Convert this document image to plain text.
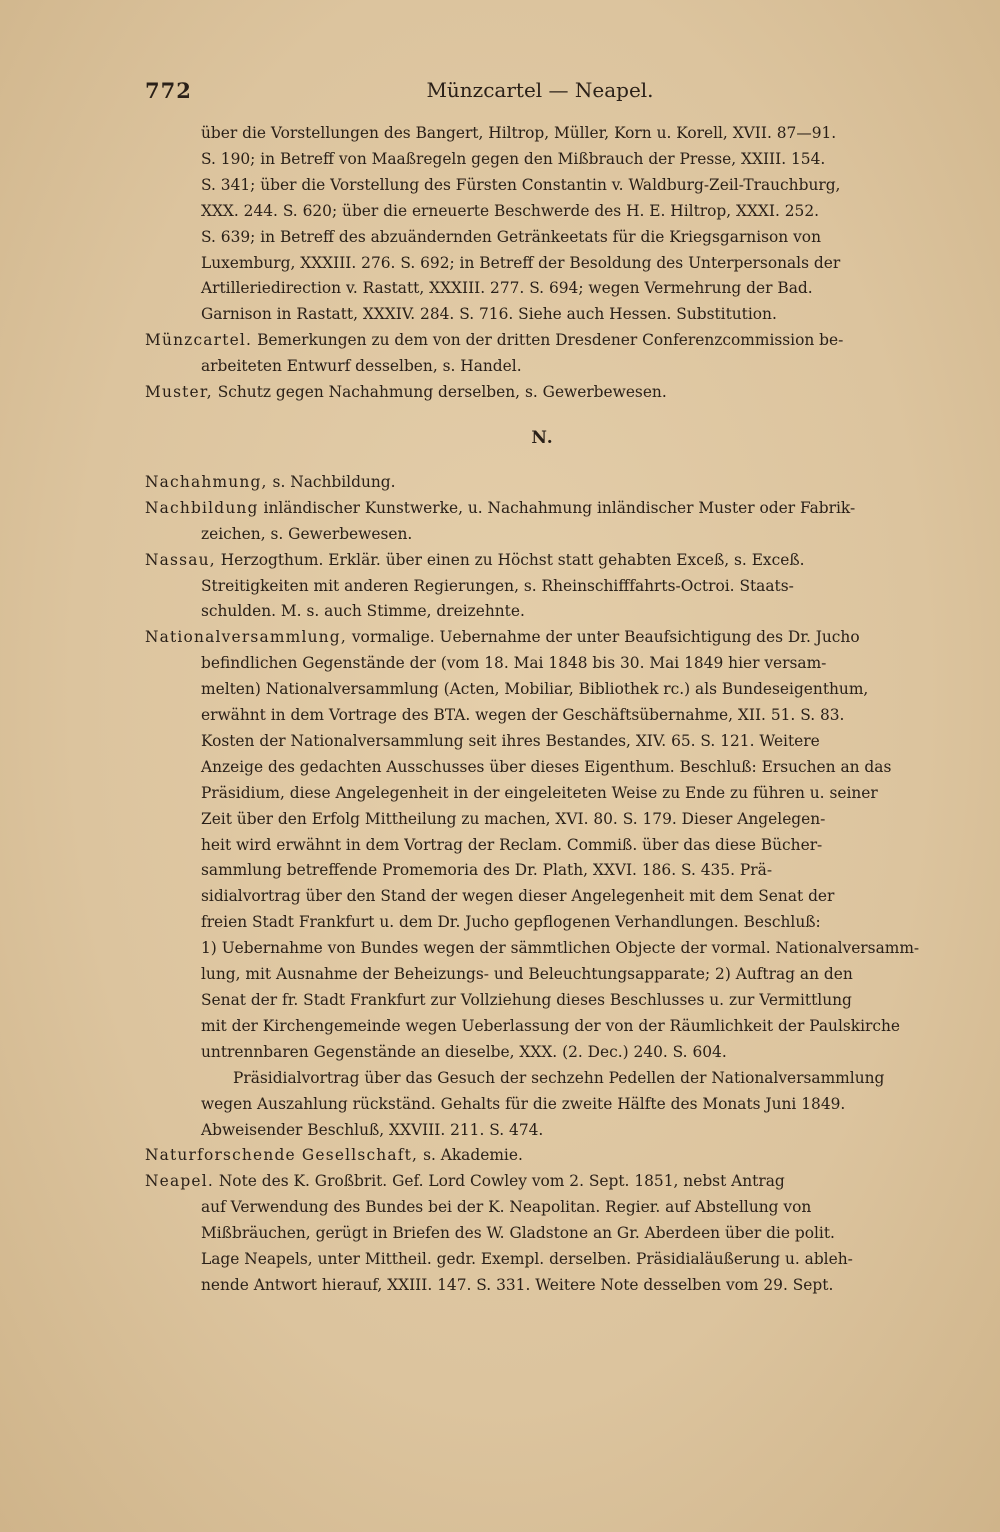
772	Münzcartel — Neapel.
über die Vorstellungen des Bangert, Hiltrop, Müller, Korn u. Korell, XVII. 87—91.
S. 190; in Betreff von Maaßregeln gegen den Mißbrauch der Presse, XXIII. 154.
S. 341; über die Vorstellung des Fürsten Constantin v. Waldburg-Zeil-Trauchburg,
XXX. 244. S. 620; über die erneuerte Beschwerde des H. E. Hiltrop, XXXI. 252.
S. 639; in Betreff des abzuändernden Getränkeetats für die Kriegsgarnison von
Luxemburg, XXXIII. 276. S. 692; in Betreff der Besoldung des Unterpersonals der
Artilleriedirection v. Rastatt, XXXIII. 277. S. 694; wegen Vermehrung der Bad.
Garnison in Rastatt, XXXIV. 284. S. 716. Siehe auch Hessen. Substitution.
Münzcartel. Bemerkungen zu dem von der dritten Dresdener Conferenzcommission be-
arbeiteten Entwurf desselben, s. Handel.
Muster, Schutz gegen Nachahmung derselben, s. Gewerbewesen.
N.
Nachahmung, s. Nachbildung.
Nachbildung inländischer Kunstwerke, u. Nachahmung inländischer Muster oder Fabrik-
zeichen, s. Gewerbewesen.
Nassau, Herzogthum. Erklär. über einen zu Höchst statt gehabten Exceß, s. Exceß.
Streitigkeiten mit anderen Regierungen, s. Rheinschifffahrts-Octroi. Staats-
schulden. M. s. auch Stimme, dreizehnte.
Nationalversammlung, vormalige. Uebernahme der unter Beaufsichtigung des Dr. Jucho
befindlichen Gegenstände der (vom 18. Mai 1848 bis 30. Mai 1849 hier versam-
melten) Nationalversammlung (Acten, Mobiliar, Bibliothek rc.) als Bundeseigenthum,
erwähnt in dem Vortrage des BTA. wegen der Geschäftsübernahme, XII. 51. S. 83.
Kosten der Nationalversammlung seit ihres Bestandes, XIV. 65. S. 121. Weitere
Anzeige des gedachten Ausschusses über dieses Eigenthum. Beschluß: Ersuchen an das
Präsidium, diese Angelegenheit in der eingeleiteten Weise zu Ende zu führen u. seiner
Zeit über den Erfolg Mittheilung zu machen, XVI. 80. S. 179. Dieser Angelegen-
heit wird erwähnt in dem Vortrag der Reclam. Commiß. über das diese Bücher-
sammlung betreffende Promemoria des Dr. Plath, XXVI. 186. S. 435. Prä-
sidialvortrag über den Stand der wegen dieser Angelegenheit mit dem Senat der
freien Stadt Frankfurt u. dem Dr. Jucho gepflogenen Verhandlungen. Beschluß:
1) Uebernahme von Bundes wegen der sämmtlichen Objecte der vormal. Nationalversamm-
lung, mit Ausnahme der Beheizungs- und Beleuchtungsapparate; 2) Auftrag an den
Senat der fr. Stadt Frankfurt zur Vollziehung dieses Beschlusses u. zur Vermittlung
mit der Kirchengemeinde wegen Ueberlassung der von der Räumlichkeit der Paulskirche
untrennbaren Gegenstände an dieselbe, XXX. (2. Dec.) 240. S. 604.
Präsidialvortrag über das Gesuch der sechzehn Pedellen der Nationalversammlung
wegen Auszahlung rückständ. Gehalts für die zweite Hälfte des Monats Juni 1849.
Abweisender Beschluß, XXVIII. 211. S. 474.
Naturforschende Gesellschaft, s. Akademie.
Neapel. Note des K. Großbrit. Gef. Lord Cowley vom 2. Sept. 1851, nebst Antrag
auf Verwendung des Bundes bei der K. Neapolitan. Regier. auf Abstellung von
Mißbräuchen, gerügt in Briefen des W. Gladstone an Gr. Aberdeen über die polit.
Lage Neapels, unter Mittheil. gedr. Exempl. derselben. Präsidialäußerung u. ableh-
nende Antwort hierauf, XXIII. 147. S. 331. Weitere Note desselben vom 29. Sept.
